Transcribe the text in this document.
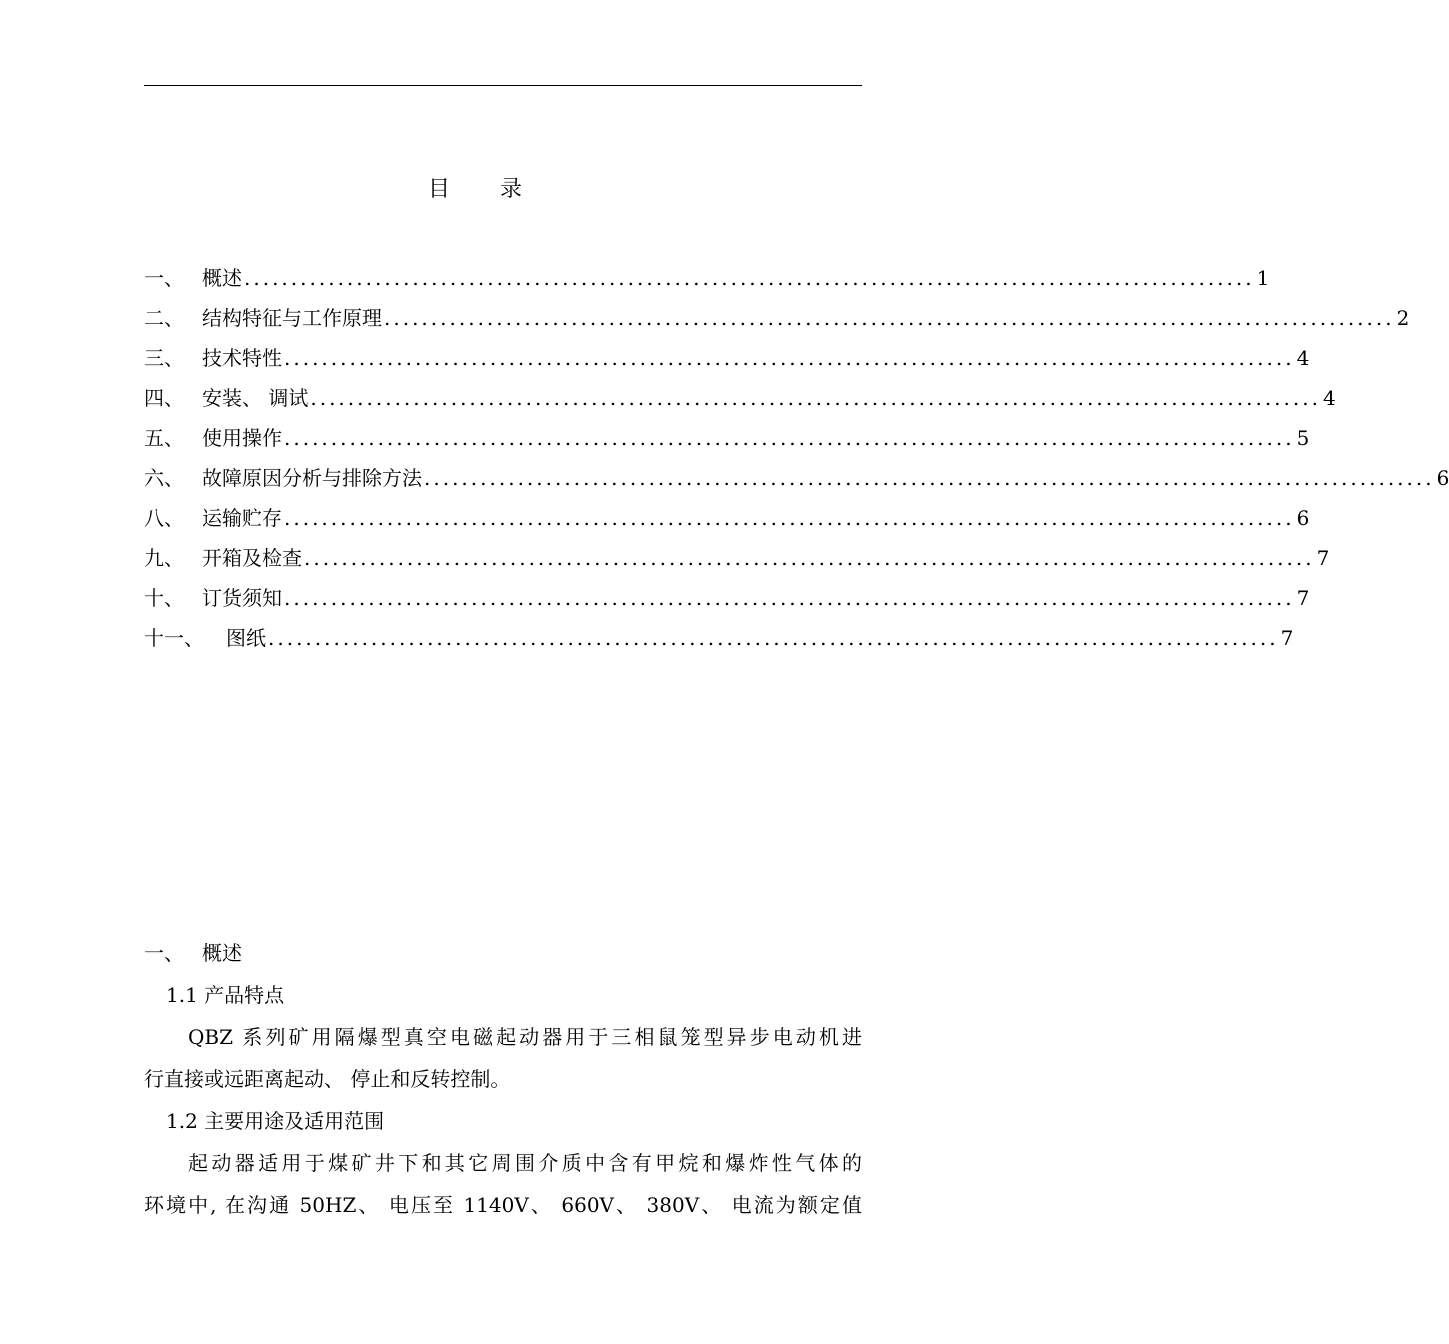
目 录
一、 概述 ............................................................................................................ 1
二、 结构特征与工作原理 ............................................................................................................ 2
三、 技术特性 ............................................................................................................ 4
四、 安装、 调试 ............................................................................................................ 4
五、 使用操作 ............................................................................................................ 5
六、 故障原因分析与排除方法 ............................................................................................................ 6
八、 运输贮存 ............................................................................................................ 6
九、 开箱及检查 ............................................................................................................ 7
十、 订货须知 ............................................................................................................ 7
十一、	图纸 ............................................................................................................ 7
一、 概述
1.1 产品特点
QBZ 系列矿用隔爆型真空电磁起动器用于三相鼠笼型异步电动机进
行直接或远距离起动、 停止和反转控制。
1.2 主要用途及适用范围
起动器适用于煤矿井下和其它周围介质中含有甲烷和爆炸性气体的
环境中, 在沟通 50HZ、 电压至 1140V、 660V、 380V、 电流为额定值
